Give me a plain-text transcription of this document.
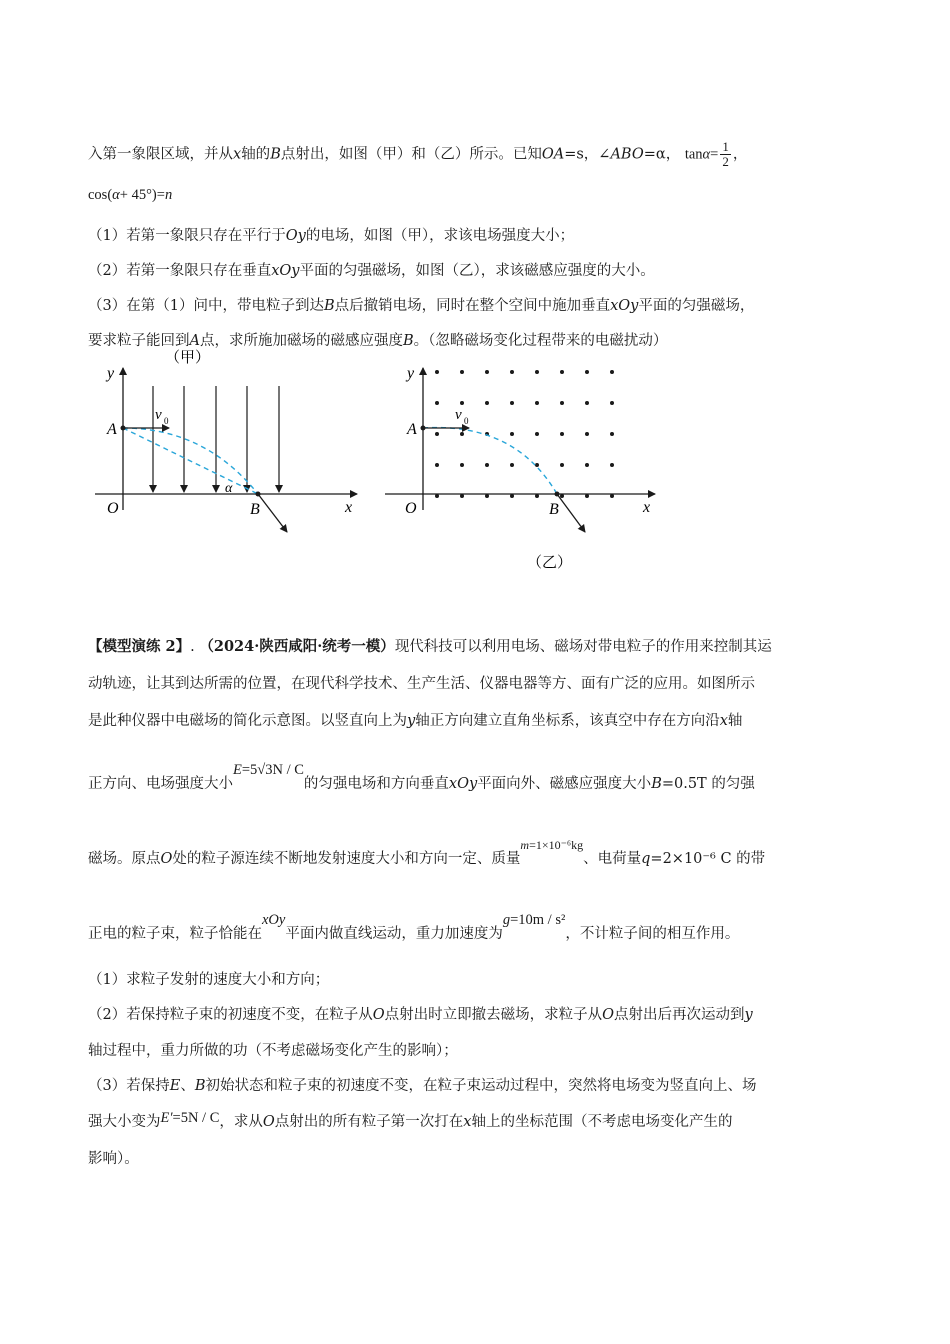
入第一象限区域，并从x轴的B点射出，如图（甲）和（乙）所示。已知OA=s，∠ABO=α， $\tan\alpha= \frac{1}{2}$ ，
cos(α+ 45°)=n
（1）若第一象限只存在平行于Oy的电场，如图（甲），求该电场强度大小；
（2）若第一象限只存在垂直xOy平面的匀强磁场，如图（乙），求该磁感应强度的大小。
（3）在第（1）问中，带电粒子到达B点后撤销电场，同时在整个空间中施加垂直xOy平面的匀强磁场，
要求粒子能回到A点，求所施加磁场的磁感应强度B。（忽略磁场变化过程带来的电磁扰动）
y
x
O
A
B
v 0
α
（甲）
y
x
O
A
B
v 0
（乙）
【模型演练 2】. （2024·陕西咸阳·统考一模）现代科技可以利用电场、磁场对带电粒子的作用来控制其运
动轨迹，让其到达所需的位置，在现代科学技术、生产生活、仪器电器等方、面有广泛的应用。如图所示
是此种仪器中电磁场的简化示意图。以竖直向上为y轴正方向建立直角坐标系，该真空中存在方向沿x轴
正方向、电场强度大小E=5√3N / C的匀强电场和方向垂直xOy平面向外、磁感应强度大小B=0.5T 的匀强
磁场。原点O处的粒子源连续不断地发射速度大小和方向一定、质量$^{m=1\times 10^{-6}kg}$、电荷量q=2×10⁻⁶ C 的带
正电的粒子束，粒子恰能在xOy平面内做直线运动，重力加速度为g=10m / s²，不计粒子间的相互作用。
（1）求粒子发射的速度大小和方向；
（2）若保持粒子束的初速度不变，在粒子从O点射出时立即撤去磁场，求粒子从O点射出后再次运动到y
轴过程中，重力所做的功（不考虑磁场变化产生的影响）；
（3）若保持E、B初始状态和粒子束的初速度不变，在粒子束运动过程中，突然将电场变为竖直向上、场
强大小变为E′=5N / C，求从O点射出的所有粒子第一次打在x轴上的坐标范围（不考虑电场变化产生的
影响）。
